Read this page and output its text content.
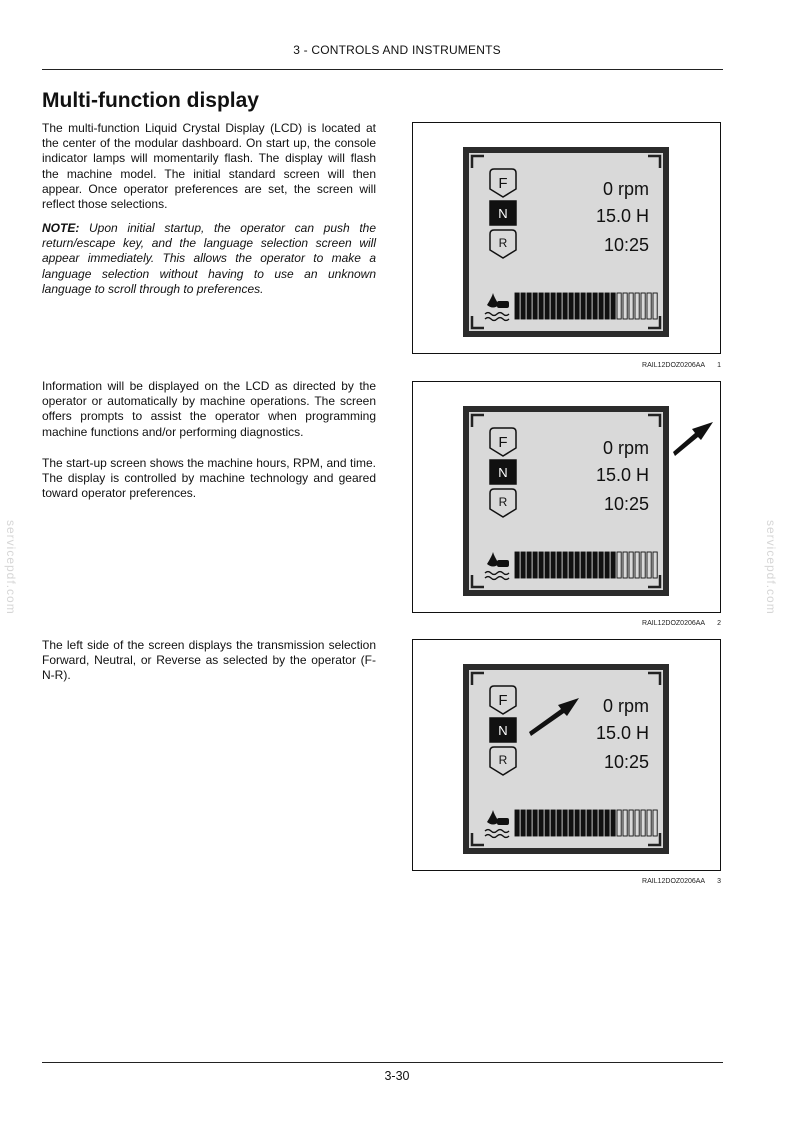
3 - CONTROLS AND INSTRUMENTS
Multi-function display

The multi-function Liquid Crystal Display (LCD) is located at the center of the modular dashboard. On start up, the console indicator lamps will momentarily flash. The display will flash the machine model. The initial standard screen will then appear. Once operator preferences are set, the screen will reflect those selections.

NOTE: Upon initial startup, the operator can push the return/escape key, and the language selection screen will appear immediately. This allows the operator to make a language selection without having to use an unknown language to scroll through to preferences.

Information will be displayed on the LCD as directed by the operator or automatically by machine operations. The screen offers prompts to assist the operator when programming machine functions and/or performing diagnostics.

The start-up screen shows the machine hours, RPM, and time. The display is controlled by machine technology and geared toward operator preferences.

The left side of the screen displays the transmission selection Forward, Neutral, or Reverse as selected by the operator (F-N-R).

F
N
R
0 rpm
15.0 H
10:25
RAIL12DOZ0206AA 1
F
N
R
0 rpm
15.0 H
10:25
RAIL12DOZ0206AA 2
F
N
R
0 rpm
15.0 H
10:25
RAIL12DOZ0206AA 3
servicepdf.com	servicepdf.com
3-30
